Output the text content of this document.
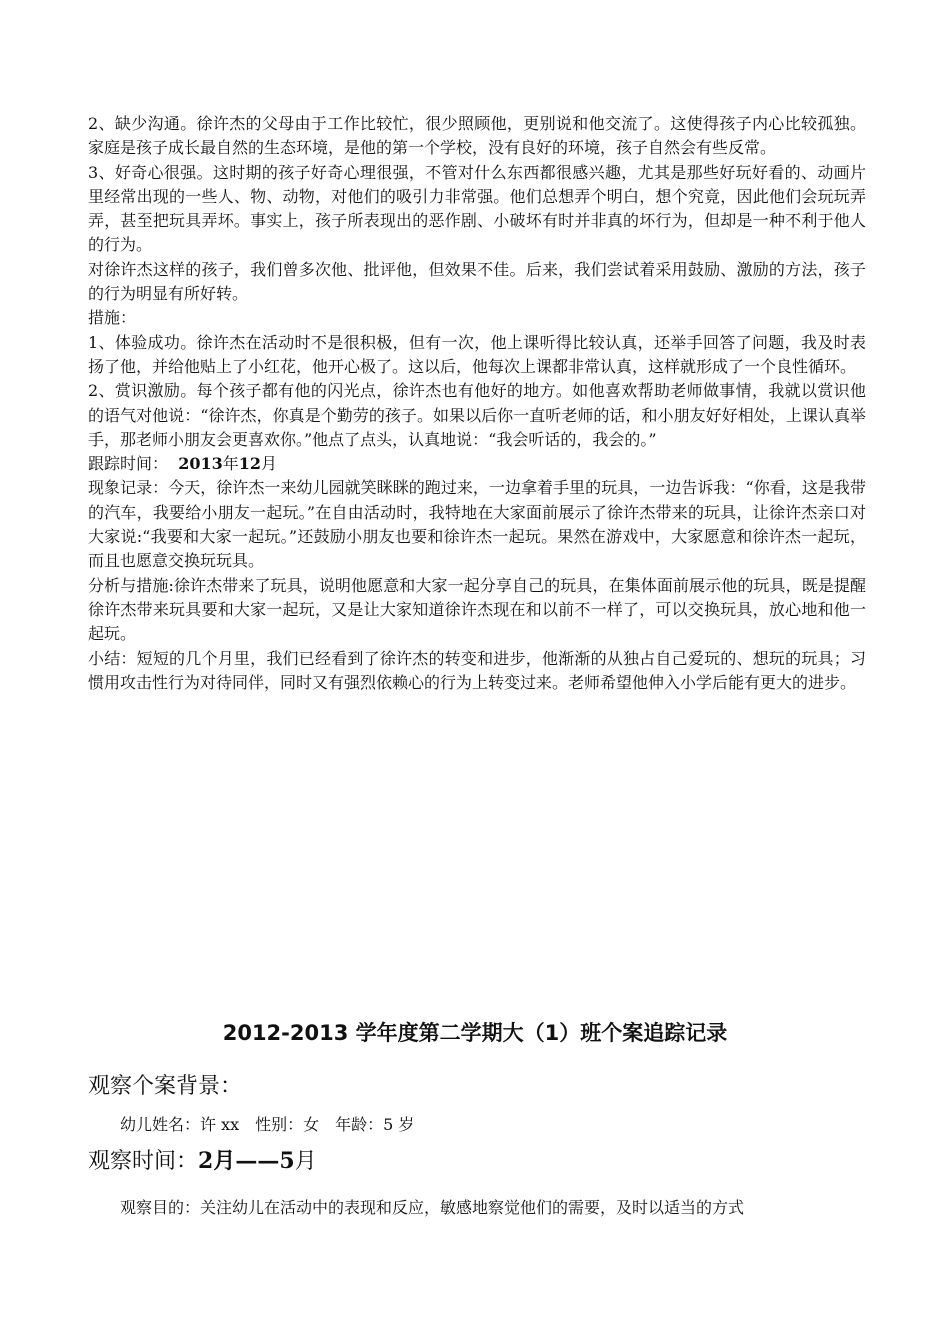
2、缺少沟通。徐许杰的父母由于工作比较忙，很少照顾他，更别说和他交流了。这使得孩子内心比较孤独。家庭是孩子成长最自然的生态环境，是他的第一个学校，没有良好的环境，孩子自然会有些反常。

3、好奇心很强。这时期的孩子好奇心理很强，不管对什么东西都很感兴趣，尤其是那些好玩好看的、动画片里经常出现的一些人、物、动物，对他们的吸引力非常强。他们总想弄个明白，想个究竟，因此他们会玩玩弄弄，甚至把玩具弄坏。事实上，孩子所表现出的恶作剧、小破坏有时并非真的坏行为，但却是一种不利于他人的行为。

对徐许杰这样的孩子，我们曾多次他、批评他，但效果不佳。后来，我们尝试着采用鼓励、激励的方法，孩子的行为明显有所好转。

措施：

1、体验成功。徐许杰在活动时不是很积极，但有一次，他上课听得比较认真，还举手回答了问题，我及时表扬了他，并给他贴上了小红花，他开心极了。这以后，他每次上课都非常认真，这样就形成了一个良性循环。

2、赏识激励。每个孩子都有他的闪光点，徐许杰也有他好的地方。如他喜欢帮助老师做事情，我就以赏识他的语气对他说：“徐许杰，你真是个勤劳的孩子。如果以后你一直听老师的话，和小朋友好好相处，上课认真举手，那老师小朋友会更喜欢你。”他点了点头，认真地说：“我会听话的，我会的。”

跟踪时间： 2013年12月

现象记录：今天，徐许杰一来幼儿园就笑眯眯的跑过来，一边拿着手里的玩具，一边告诉我：“你看，这是我带的汽车，我要给小朋友一起玩。”在自由活动时，我特地在大家面前展示了徐许杰带来的玩具，让徐许杰亲口对大家说:“我要和大家一起玩。”还鼓励小朋友也要和徐许杰一起玩。果然在游戏中，大家愿意和徐许杰一起玩，而且也愿意交换玩玩具。

分析与措施:徐许杰带来了玩具，说明他愿意和大家一起分享自己的玩具，在集体面前展示他的玩具，既是提醒徐许杰带来玩具要和大家一起玩，又是让大家知道徐许杰现在和以前不一样了，可以交换玩具，放心地和他一起玩。

小结：短短的几个月里，我们已经看到了徐许杰的转变和进步，他渐渐的从独占自己爱玩的、想玩的玩具；习惯用攻击性行为对待同伴，同时又有强烈依赖心的行为上转变过来。老师希望他伸入小学后能有更大的进步。

2012-2013 学年度第二学期大（1）班个案追踪记录

观察个案背景：

幼儿姓名：许 xx　性别：女　年龄：5 岁

观察时间：2月——5月

观察目的：关注幼儿在活动中的表现和反应，敏感地察觉他们的需要，及时以适当的方式
